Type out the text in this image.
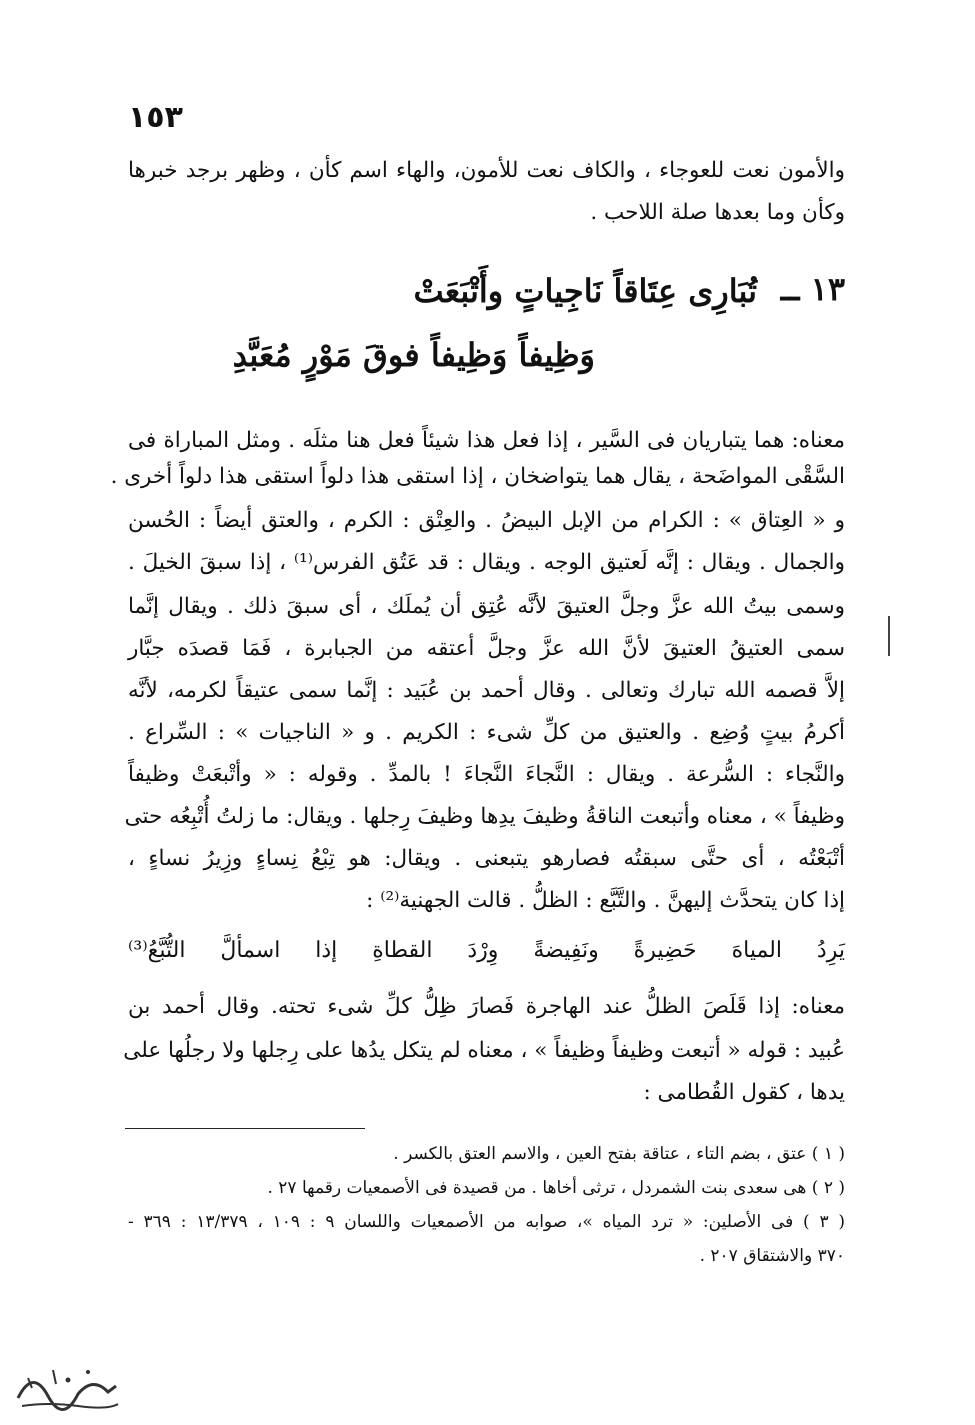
١٥٣
والأمون نعت للعوجاء ، والكاف نعت للأمون، والهاء اسم كأن ، وظهر برجد خبرها
وكأن وما بعدها صلة اللاحب .
١٣ ــ
تُبَارِى عِتَاقاً نَاجِياتٍ وأَتْبَعَتْ
وَظِيفاً وَظِيفاً فوقَ مَوْرٍ مُعَبَّدِ
معناه: هما يتباريان فى السَّير ، إذا فعل هذا شيئاً فعل هنا مثلَه . ومثل المباراة فى
السَّقْى المواضَحة ، يقال هما يتواضخان ، إذا استقى هذا دلواً استقى هذا دلواً أخرى .
و « العِتاق » : الكرام من الإبل البيضُ . والعِتْق : الكرم ، والعتق أيضاً : الحُسن
والجمال . ويقال : إنَّه لَعتيق الوجه . ويقال : قد عَتُق الفرس⁽¹⁾ ، إذا سبقَ الخيلَ .
وسمى بيتُ الله عزَّ وجلَّ العتيقَ لأنَّه عُتِق أن يُملَك ، أى سبقَ ذلك . ويقال إنَّما
سمى العتيقُ العتيقَ لأنَّ الله عزَّ وجلَّ أعتقه من الجبابرة ، فَمَا قصدَه جبَّار
إلاَّ قصمه الله تبارك وتعالى . وقال أحمد بن عُبَيد : إنَّما سمى عتيقاً لكرمه، لأنَّه
أكرمُ بيتٍ وُضِع . والعتيق من كلِّ شىء : الكريم . و « الناجيات » : السِّراع .
والنَّجاء : السُّرعة . ويقال : النَّجاءَ النَّجاءَ ! بالمدِّ . وقوله : « وأتْبعَتْ وظيفاً
وظيفاً » ، معناه وأتبعت الناقةُ وظيفَ يدِها وظيفَ رِجلها . ويقال: ما زلتُ أُتْبِعُه حتى
أتْبَعْتُه ، أى حتَّى سبقتُه فصارهو يتبعنى . ويقال: هو تِبْعُ نِساءٍ وزِيرُ نساءٍ ،
إذا كان يتحدَّث إليهنَّ . والتَّبَّع : الظلُّ . قالت الجهنية⁽²⁾ :
يَرِدُ المياهَ حَضِيرةً ونَفِيضةً وِرْدَ القطاةِ إذا اسمألَّ التُّبَّعُ⁽³⁾
معناه: إذا قَلَصَ الظلُّ عند الهاجرة فَصارَ ظِلُّ كلِّ شىء تحته. وقال أحمد بن
عُبيد : قوله « أتبعت وظيفاً وظيفاً » ، معناه لم يتكل يدُها على رِجلها ولا رجلُها على
يدها ، كقول القُطامى :
( ١ ) عتق ، بضم التاء ، عتاقة بفتح العين ، والاسم العتق بالكسر .
( ٢ ) هى سعدى بنت الشمردل ، ترثى أخاها . من قصيدة فى الأصمعيات رقمها ٢٧ .
( ٣ ) فى الأصلين: « ترد المياه »، صوابه من الأصمعيات واللسان ٩ : ١٠٩ ، ١٣/٣٧٩ : ٣٦٩ -
٣٧٠ والاشتقاق ٢٠٧ .
